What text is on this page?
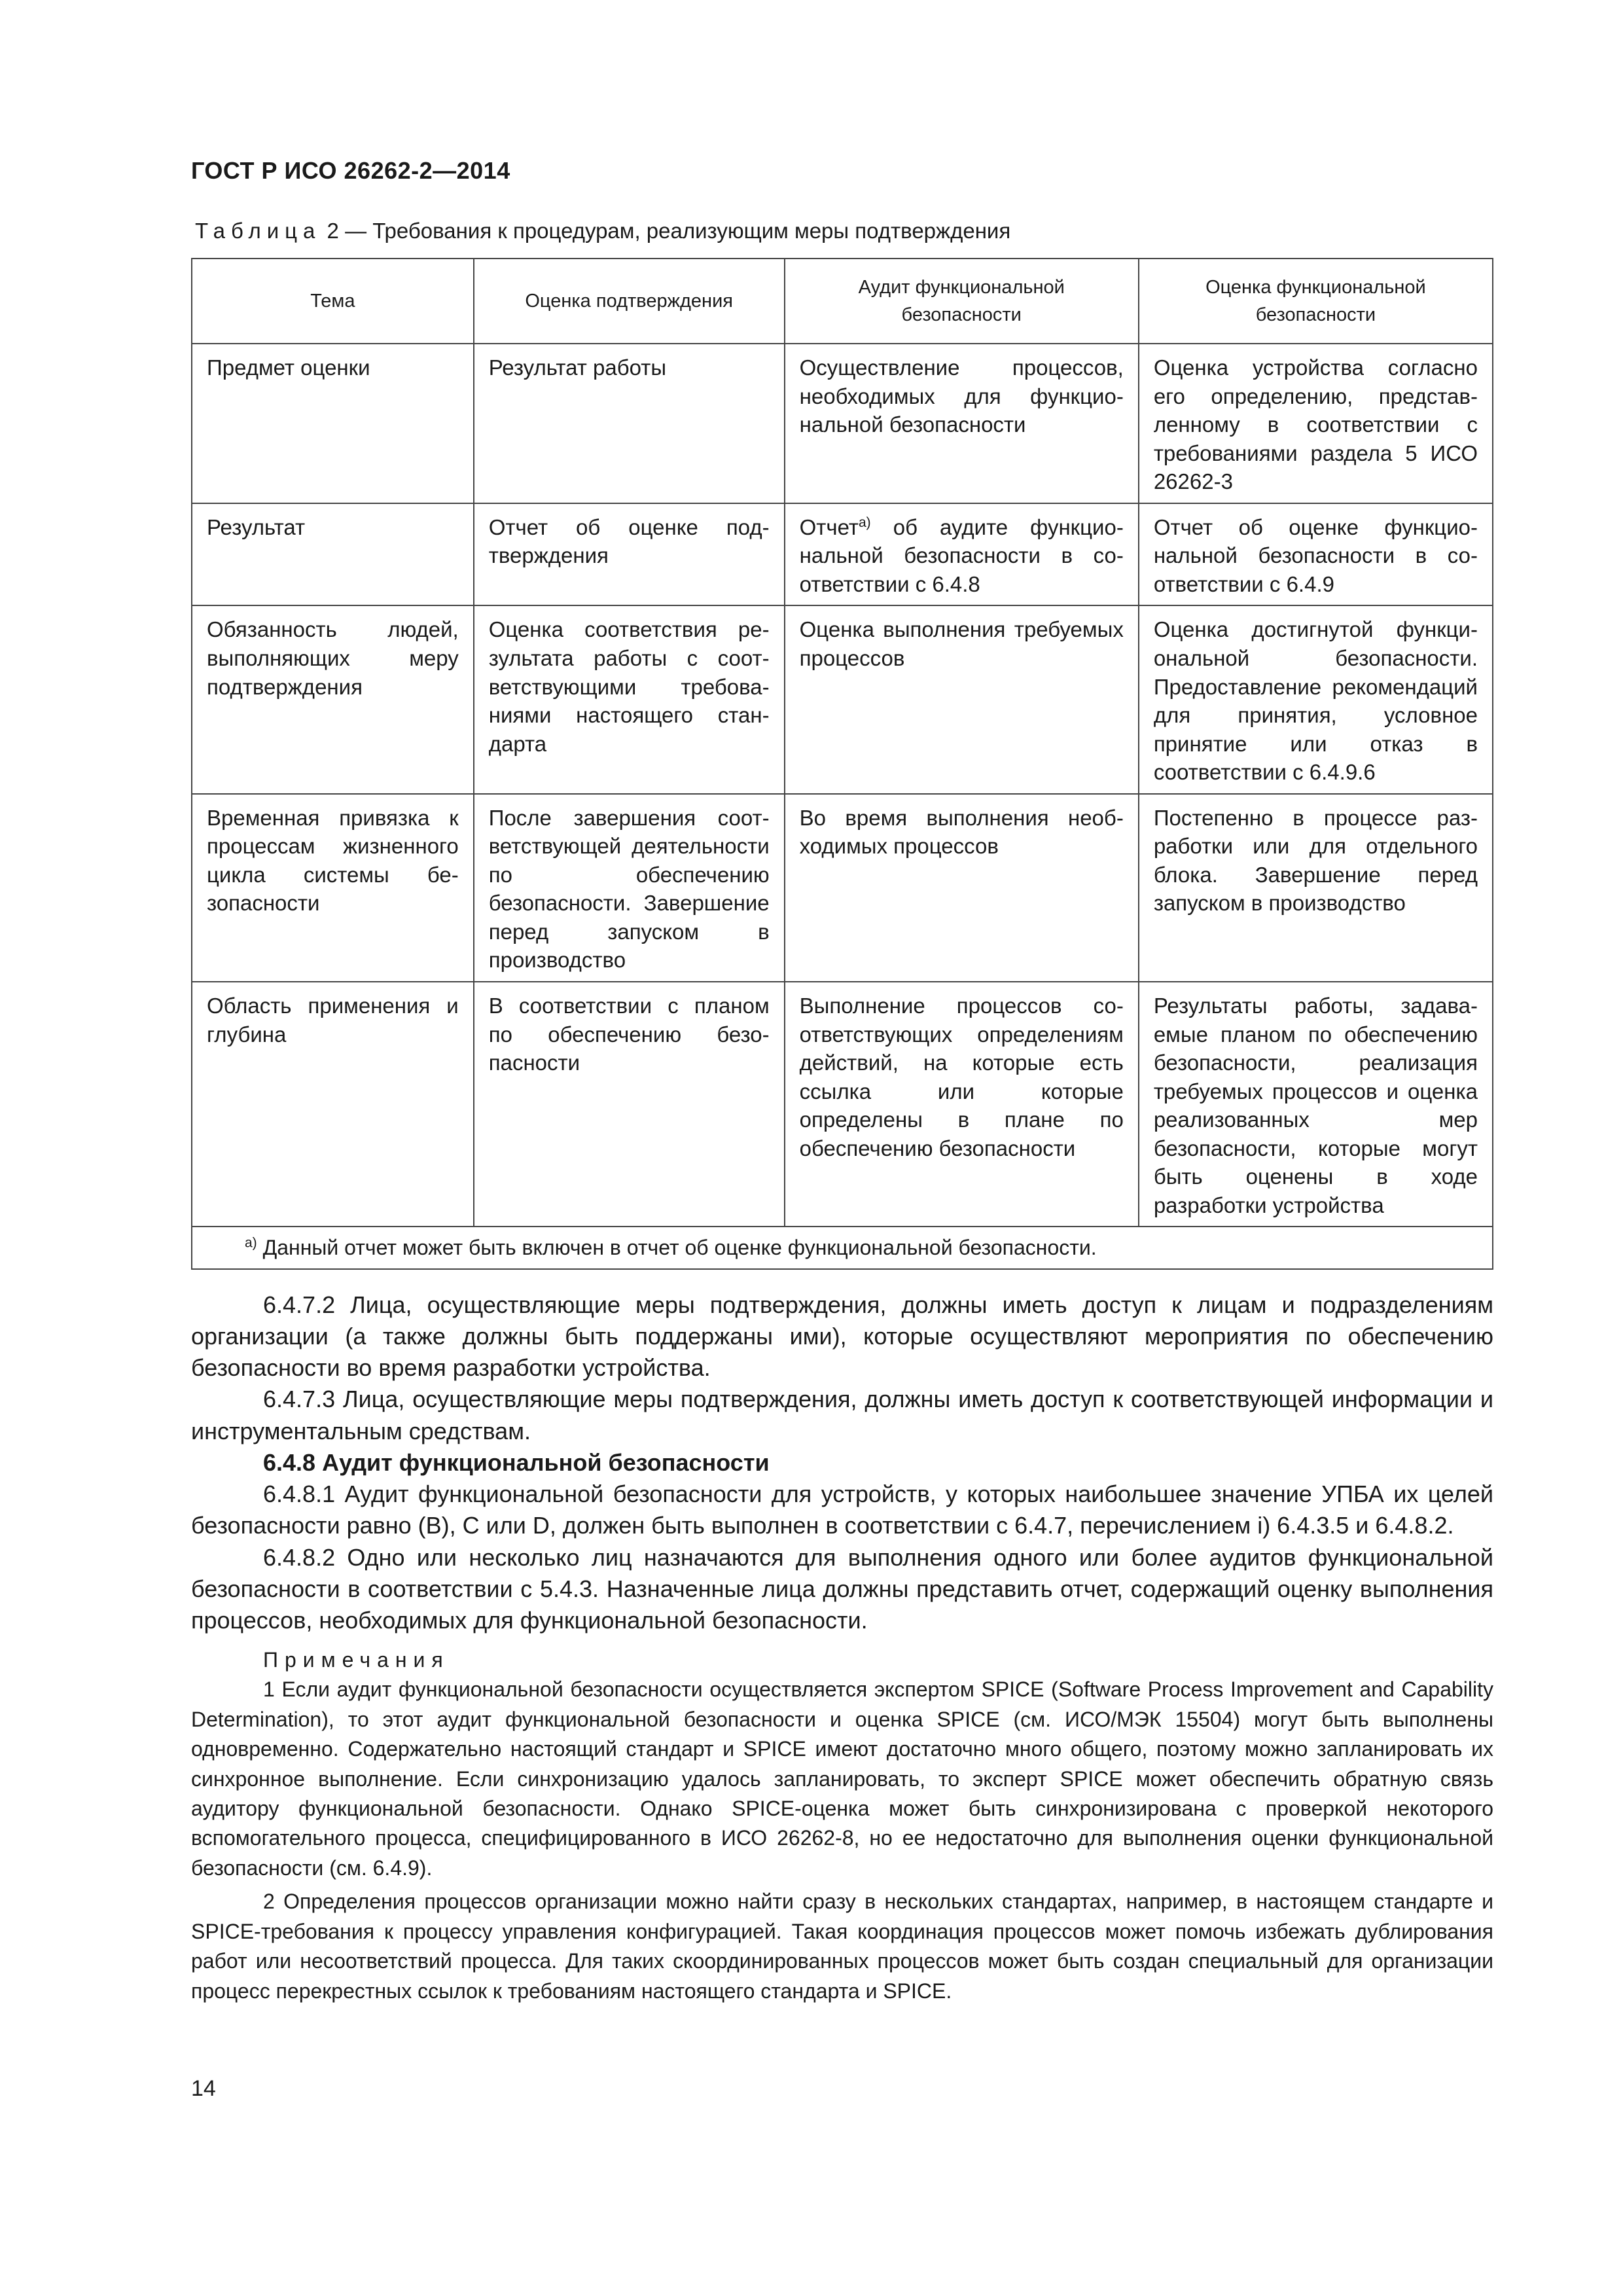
ГОСТ Р ИСО 26262-2—2014
Таблица 2 — Требования к процедурам, реализующим меры подтверждения
Тема	Оценка подтверждения	Аудит функциональной безопасности	Оценка функциональной безопасности
Предмет оценки	Результат работы	Осуществление процессов, необходимых для функциональной безопасности	Оценка устройства согласно его определению, представленному в соответствии с требованиями раздела 5 ИСО 26262-3
Результат	Отчет об оценке подтверждения	Отчет$^{a)}$ об аудите функциональной безопасности в соответствии с 6.4.8	Отчет об оценке функциональной безопасности в соответствии с 6.4.9
Обязанность людей, выполняющих меру подтверждения	Оценка соответствия результата работы с соответствующими требованиями настоящего стандарта	Оценка выполнения требуемых процессов	Оценка достигнутой функциональной безопасности. Предоставление рекомендаций для принятия, условное принятие или отказ в соответствии с 6.4.9.6
Временная привязка к процессам жизненного цикла системы безопасности	После завершения соответствующей деятельности по обеспечению безопасности. Завершение перед запуском в производство	Во время выполнения необходимых процессов	Постепенно в процессе разработки или для отдельного блока. Завершение перед запуском в производство
Область применения и глубина	В соответствии с планом по обеспечению безопасности	Выполнение процессов соответствующих определениям действий, на которые есть ссылка или которые определены в плане по обеспечению безопасности	Результаты работы, задаваемые планом по обеспечению безопасности, реализация требуемых процессов и оценка реализованных мер безопасности, которые могут быть оценены в ходе разработки устройства
$^{a)}$ Данный отчет может быть включен в отчет об оценке функциональной безопасности.			

6.4.7.2 Лица, осуществляющие меры подтверждения, должны иметь доступ к лицам и подразделениям организации (а также должны быть поддержаны ими), которые осуществляют мероприятия по обеспечению безопасности во время разработки устройства.

6.4.7.3 Лица, осуществляющие меры подтверждения, должны иметь доступ к соответствующей информации и инструментальным средствам.

6.4.8 Аудит функциональной безопасности

6.4.8.1 Аудит функциональной безопасности для устройств, у которых наибольшее значение УПБА их целей безопасности равно (В), С или D, должен быть выполнен в соответствии с 6.4.7, перечислением i) 6.4.3.5 и 6.4.8.2.

6.4.8.2 Одно или несколько лиц назначаются для выполнения одного или более аудитов функциональной безопасности в соответствии с 5.4.3. Назначенные лица должны представить отчет, содержащий оценку выполнения процессов, необходимых для функциональной безопасности.

Примечания

1 Если аудит функциональной безопасности осуществляется экспертом SPICE (Software Process Improvement and Capability Determination), то этот аудит функциональной безопасности и оценка SPICE (см. ИСО/МЭК 15504) могут быть выполнены одновременно. Содержательно настоящий стандарт и SPICE имеют достаточно много общего, поэтому можно запланировать их синхронное выполнение. Если синхронизацию удалось запланировать, то эксперт SPICE может обеспечить обратную связь аудитору функциональной безопасности. Однако SPICE-оценка может быть синхронизирована с проверкой некоторого вспомогательного процесса, специфицированного в ИСО 26262-8, но ее недостаточно для выполнения оценки функциональной безопасности (см. 6.4.9).

2 Определения процессов организации можно найти сразу в нескольких стандартах, например, в настоящем стандарте и SPICE-требования к процессу управления конфигурацией. Такая координация процессов может помочь избежать дублирования работ или несоответствий процесса. Для таких скоординированных процессов может быть создан специальный для организации процесс перекрестных ссылок к требованиям настоящего стандарта и SPICE.

14
